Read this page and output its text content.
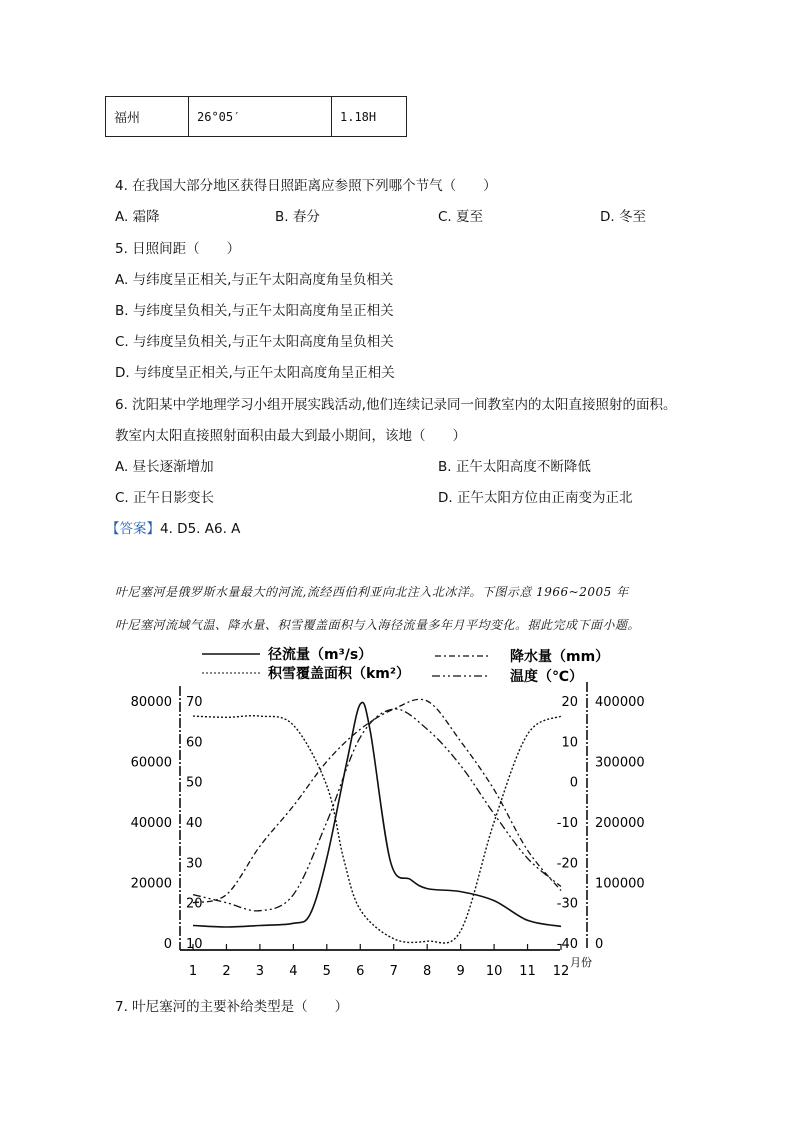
福州	26°05′	1.18H
4. 在我国大部分地区获得日照距离应参照下列哪个节气（　　）
A. 霜降	B. 春分	C. 夏至	D. 冬至
5. 日照间距（　　）
A. 与纬度呈正相关,与正午太阳高度角呈负相关
B. 与纬度呈负相关,与正午太阳高度角呈正相关
C. 与纬度呈负相关,与正午太阳高度角呈负相关
D. 与纬度呈正相关,与正午太阳高度角呈正相关
6. 沈阳某中学地理学习小组开展实践活动,他们连续记录同一间教室内的太阳直接照射的面积。
教室内太阳直接照射面积由最大到最小期间，该地（　　）
A. 昼长逐渐增加	B. 正午太阳高度不断降低
C. 正午日影变长	D. 正午太阳方位由正南变为正北
【答案】4. D5. A6. A
叶尼塞河是俄罗斯水量最大的河流,流经西伯利亚向北注入北冰洋。下图示意 1966~2005 年
叶尼塞河流域气温、降水量、积雪覆盖面积与入海径流量多年月平均变化。据此完成下面小题。
径流量（m³/s）
积雪覆盖面积（km²）
降水量（mm）
温度（℃）
1 2 3 4 5 6 7 8 9 10 11 12
月份
80000
60000
40000
20000
0
70
60
50
40
30
20
10
20
10
0
-10
-20
-30
-40
400000
300000
200000
100000
0
7. 叶尼塞河的主要补给类型是（　　）
